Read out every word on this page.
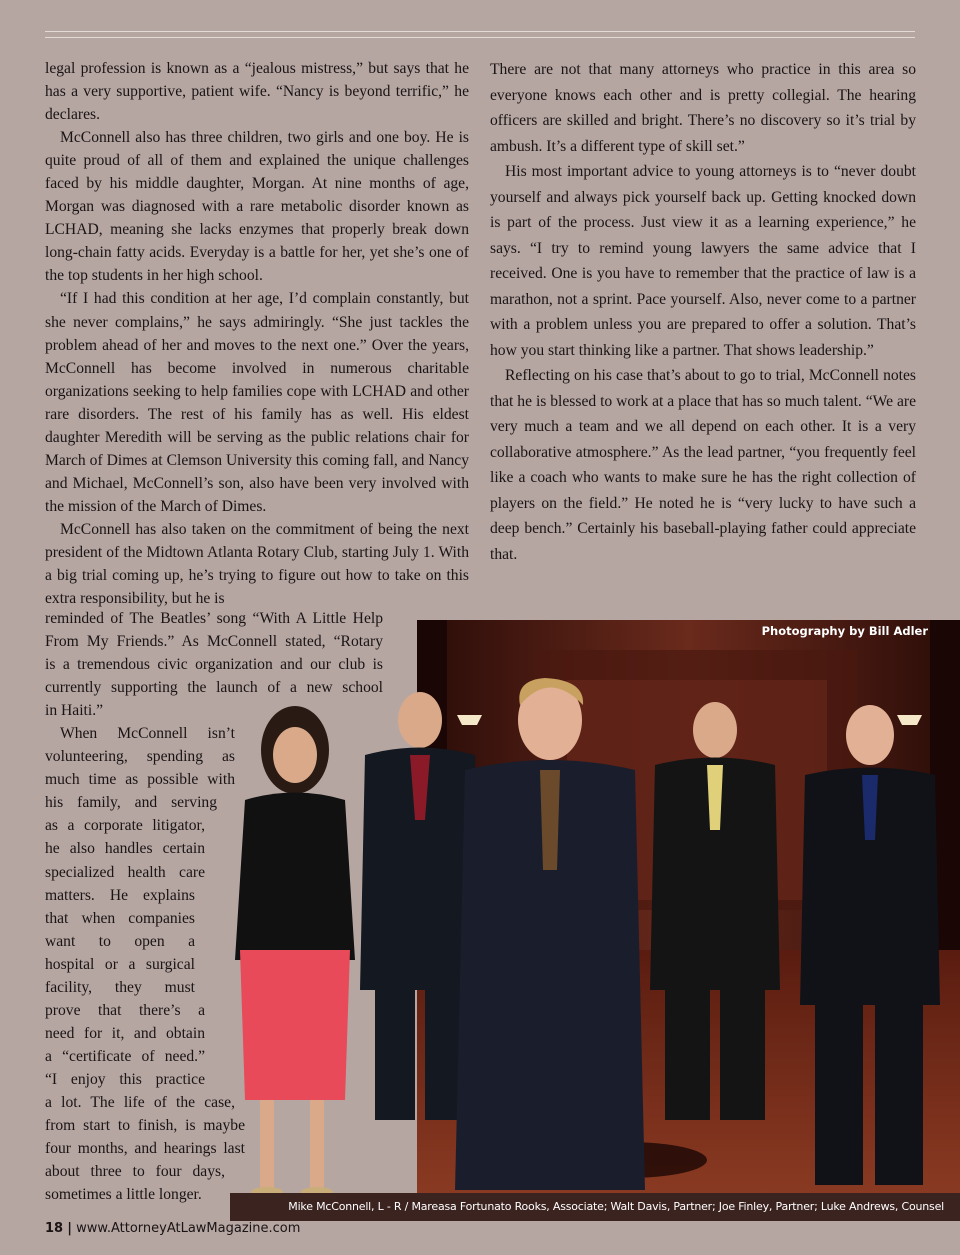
legal profession is known as a “jealous mistress,” but says that he has a very supportive, patient wife. “Nancy is beyond terrific,” he declares.

McConnell also has three children, two girls and one boy. He is quite proud of all of them and explained the unique challenges faced by his middle daughter, Morgan. At nine months of age, Morgan was diagnosed with a rare metabolic disorder known as LCHAD, meaning she lacks enzymes that properly break down long-chain fatty acids. Everyday is a battle for her, yet she’s one of the top students in her high school.

“If I had this condition at her age, I’d complain constantly, but she never complains,” he says admiringly. “She just tackles the problem ahead of her and moves to the next one.” Over the years, McConnell has become involved in numerous charitable organizations seeking to help families cope with LCHAD and other rare disorders. The rest of his family has as well. His eldest daughter Meredith will be serving as the public relations chair for March of Dimes at Clemson University this coming fall, and Nancy and Michael, McConnell’s son, also have been very involved with the mission of the March of Dimes.

McConnell has also taken on the commitment of being the next president of the Midtown Atlanta Rotary Club, starting July 1. With a big trial coming up, he’s trying to figure out how to take on this extra responsibility, but he is

reminded of The Beatles’ song “With A Little Help
From My Friends.” As McConnell stated, “Rotary
is a tremendous civic organization and our club is
currently supporting the launch of a new school
in Haiti.”
When McConnell isn’t
volunteering, spending as
much time as possible with
his family, and serving
as a corporate litigator,
he also handles certain
specialized health care
matters. He explains
that when companies
want to open a
hospital or a surgical
facility, they must
prove that there’s a
need for it, and obtain
a “certificate of need.”
“I enjoy this practice
a lot. The life of the case,
from start to finish, is maybe
four months, and hearings last
about three to four days,
sometimes a little longer.

There are not that many attorneys who practice in this area so everyone knows each other and is pretty collegial. The hearing officers are skilled and bright. There’s no discovery so it’s trial by ambush. It’s a different type of skill set.”

His most important advice to young attorneys is to “never doubt yourself and always pick yourself back up. Getting knocked down is part of the process. Just view it as a learning experience,” he says. “I try to remind young lawyers the same advice that I received. One is you have to remember that the practice of law is a marathon, not a sprint. Pace yourself. Also, never come to a partner with a problem unless you are prepared to offer a solution. That’s how you start thinking like a partner. That shows leadership.”

Reflecting on his case that’s about to go to trial, McConnell notes that he is blessed to work at a place that has so much talent. “We are very much a team and we all depend on each other. It is a very collaborative atmosphere.” As the lead partner, “you frequently feel like a coach who wants to make sure he has the right collection of players on the field.” He noted he is “very lucky to have such a deep bench.” Certainly his baseball-playing father could appreciate that.

Photography by Bill Adler
Mike McConnell, L - R / Mareasa Fortunato Rooks, Associate; Walt Davis, Partner; Joe Finley, Partner; Luke Andrews, Counsel
18 | www.AttorneyAtLawMagazine.com
